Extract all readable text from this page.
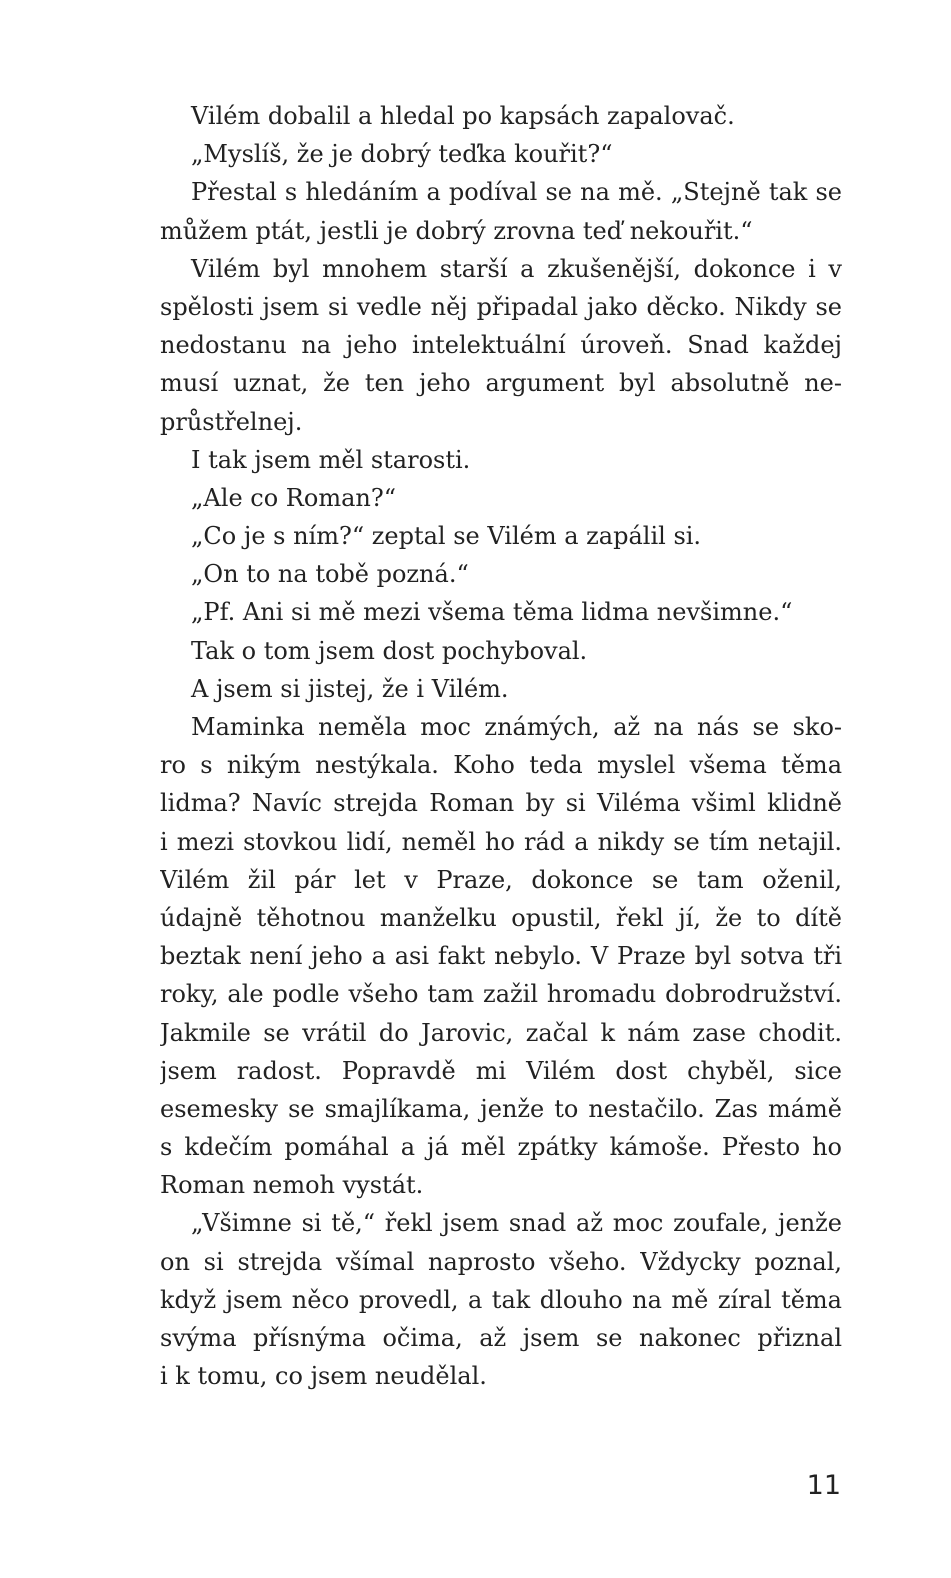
Vilém dobalil a hledal po kapsách zapalovač.

„Myslíš, že je dobrý teďka kouřit?“

Přestal s hledáním a podíval se na mě. „Stejně tak se

můžem ptát, jestli je dobrý zrovna teď nekouřit.“

Vilém byl mnohem starší a zkušenější, dokonce i v

spělosti jsem si vedle něj připadal jako děcko. Nikdy se

nedostanu na jeho intelektuální úroveň. Snad každej

musí uznat, že ten jeho argument byl absolutně ne-

průstřelnej.

I tak jsem měl starosti.

„Ale co Roman?“

„Co je s ním?“ zeptal se Vilém a zapálil si.

„On to na tobě pozná.“

„Pf. Ani si mě mezi všema těma lidma nevšimne.“

Tak o tom jsem dost pochyboval.

A jsem si jistej, že i Vilém.

Maminka neměla moc známých, až na nás se sko-

ro s nikým nestýkala. Koho teda myslel všema těma

lidma? Navíc strejda Roman by si Viléma všiml klidně

i mezi stovkou lidí, neměl ho rád a nikdy se tím netajil.

Vilém žil pár let v Praze, dokonce se tam oženil,

údajně těhotnou manželku opustil, řekl jí, že to dítě

beztak není jeho a asi fakt nebylo. V Praze byl sotva tři

roky, ale podle všeho tam zažil hromadu dobrodružství.

Jakmile se vrátil do Jarovic, začal k nám zase chodit.

jsem radost. Popravdě mi Vilém dost chyběl, sice

esemesky se smajlíkama, jenže to nestačilo. Zas mámě

s kdečím pomáhal a já měl zpátky kámoše. Přesto ho

Roman nemoh vystát.

„Všimne si tě,“ řekl jsem snad až moc zoufale, jenže

on si strejda všímal naprosto všeho. Vždycky poznal,

když jsem něco provedl, a tak dlouho na mě zíral těma

svýma přísnýma očima, až jsem se nakonec přiznal

i k tomu, co jsem neudělal.

11
